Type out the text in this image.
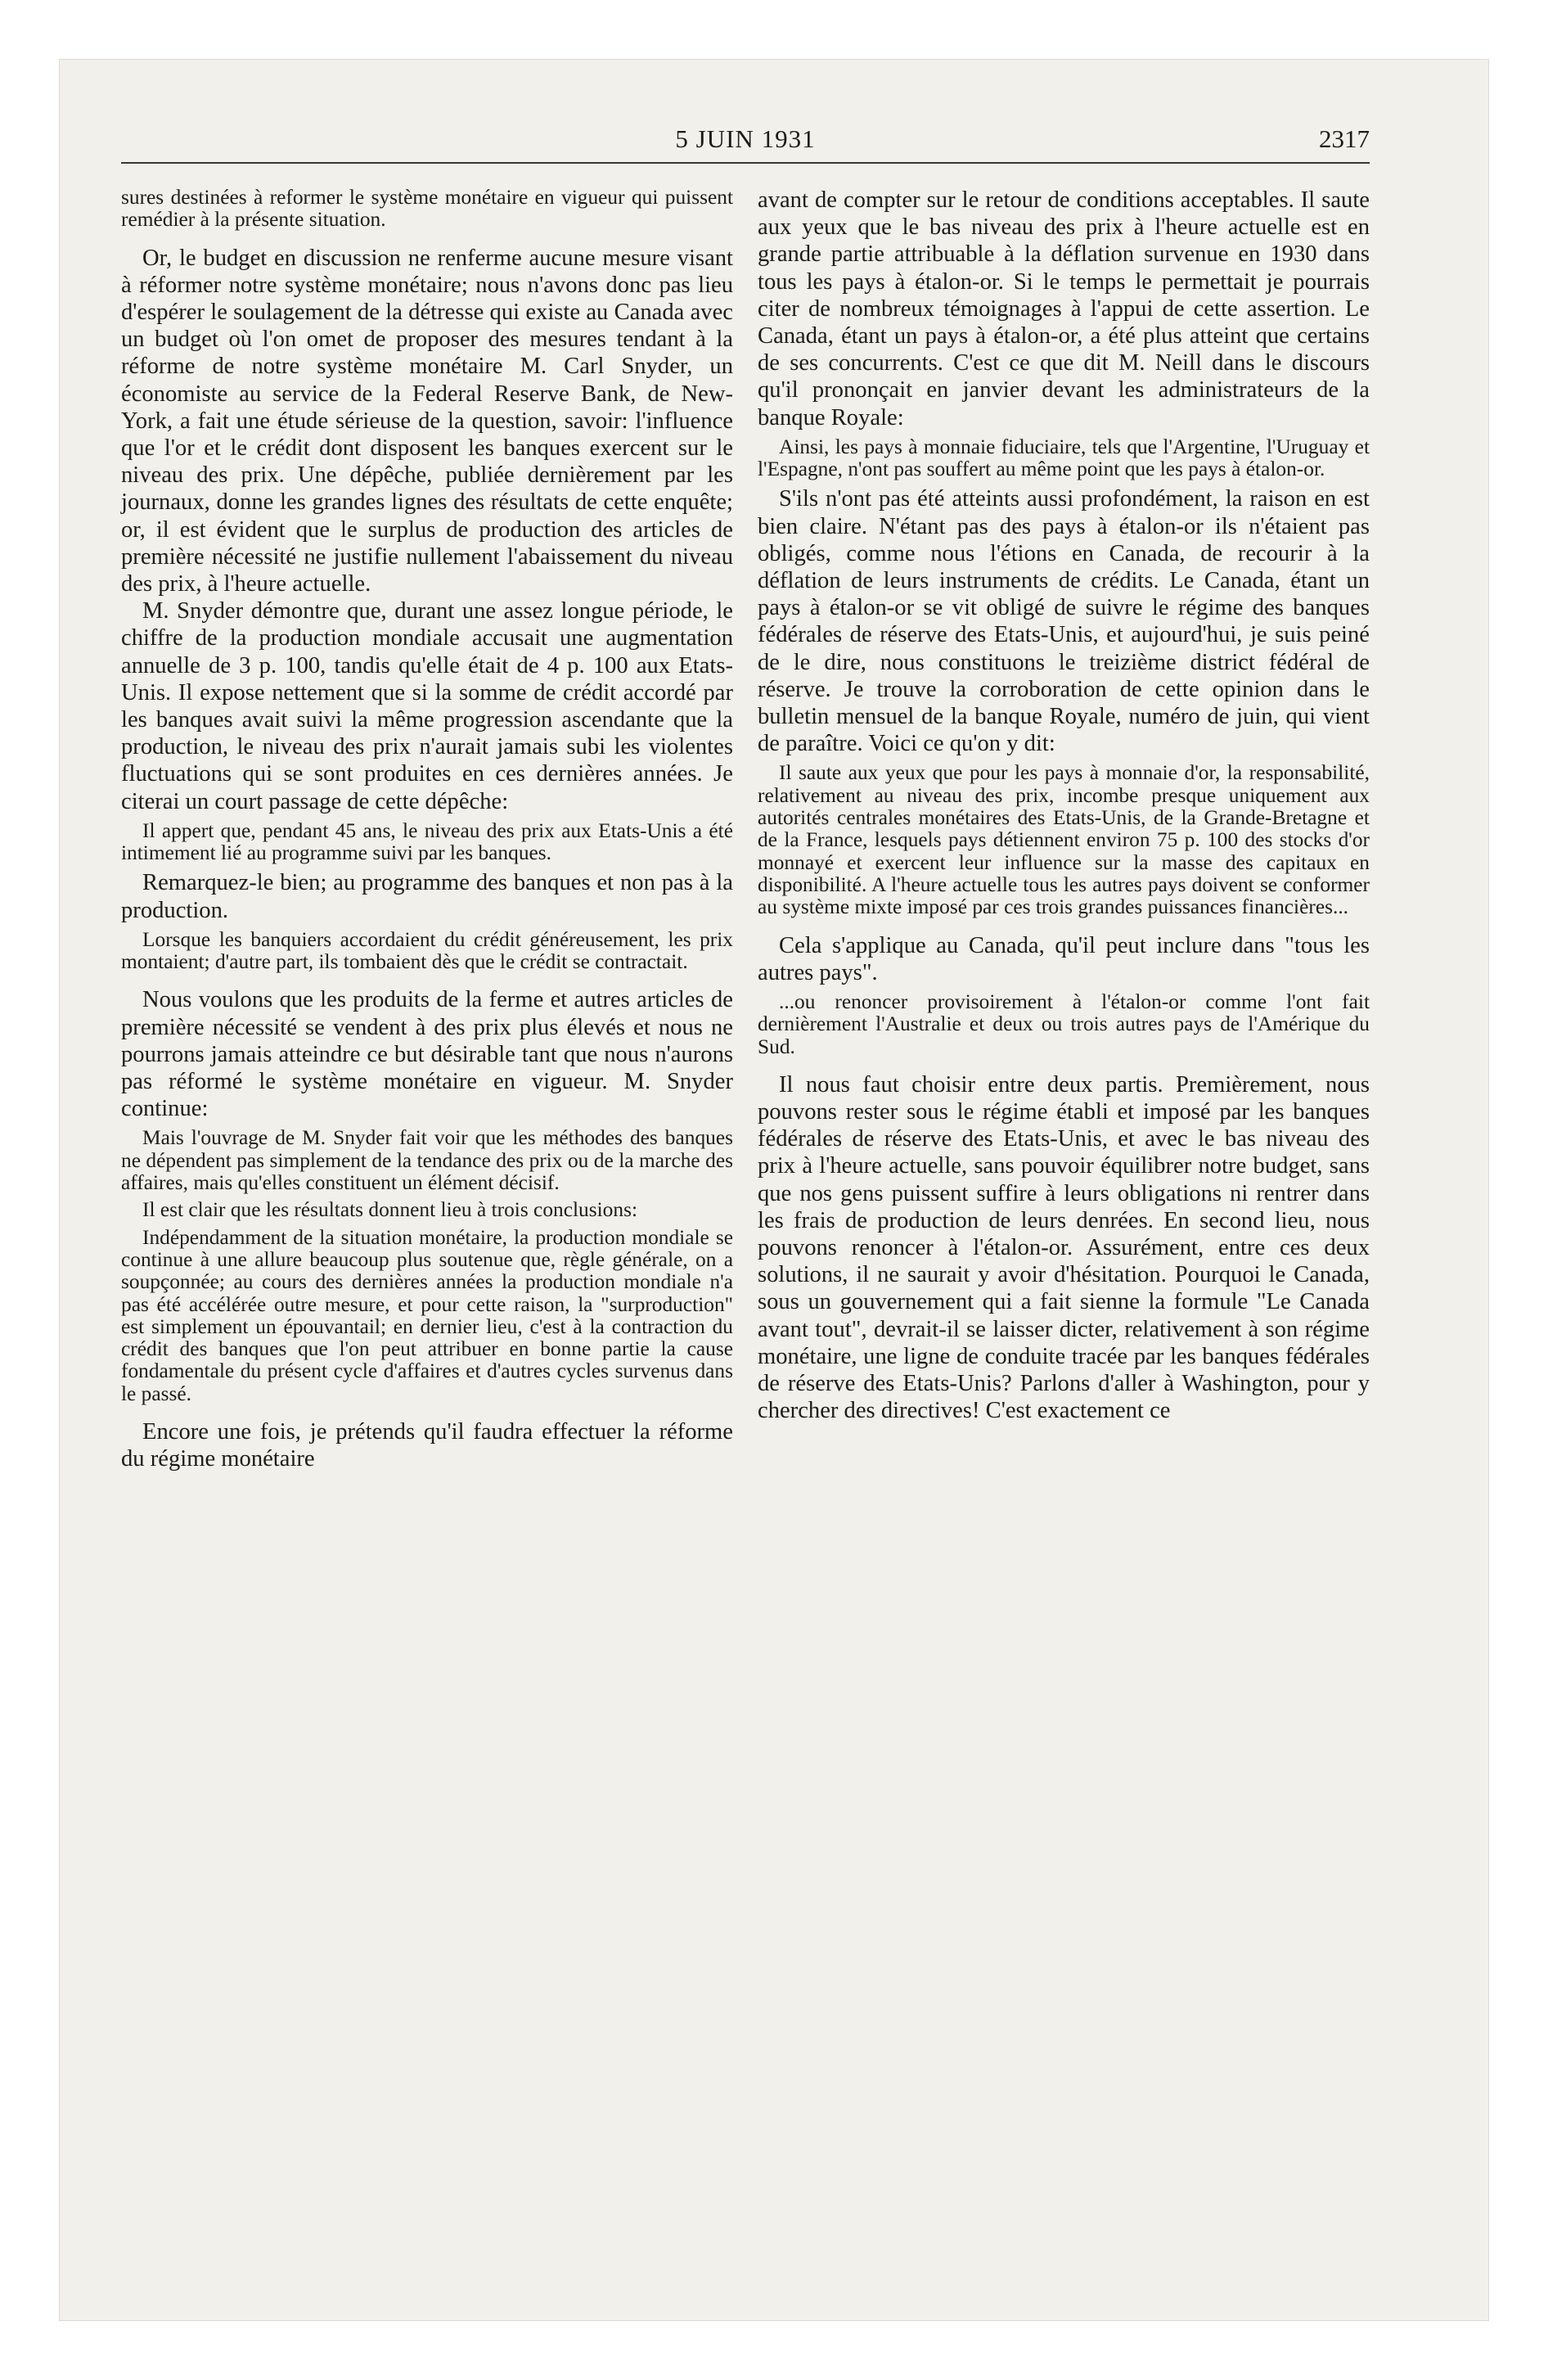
5 JUIN 1931	2317

sures destinées à reformer le système monétaire en vigueur qui puissent remédier à la présente situation.

Or, le budget en discussion ne renferme aucune mesure visant à réformer notre système monétaire; nous n'avons donc pas lieu d'espérer le soulagement de la détresse qui existe au Canada avec un budget où l'on omet de proposer des mesures tendant à la réforme de notre système monétaire M. Carl Snyder, un économiste au service de la Federal Reserve Bank, de New-York, a fait une étude sérieuse de la question, savoir: l'influence que l'or et le crédit dont disposent les banques exercent sur le niveau des prix. Une dépêche, publiée dernièrement par les journaux, donne les grandes lignes des résultats de cette enquête; or, il est évident que le surplus de production des articles de première nécessité ne justifie nullement l'abaissement du niveau des prix, à l'heure actuelle.

M. Snyder démontre que, durant une assez longue période, le chiffre de la production mondiale accusait une augmentation annuelle de 3 p. 100, tandis qu'elle était de 4 p. 100 aux Etats-Unis. Il expose nettement que si la somme de crédit accordé par les banques avait suivi la même progression ascendante que la production, le niveau des prix n'aurait jamais subi les violentes fluctuations qui se sont produites en ces dernières années. Je citerai un court passage de cette dépêche:

Il appert que, pendant 45 ans, le niveau des prix aux Etats-Unis a été intimement lié au programme suivi par les banques.

Remarquez-le bien; au programme des banques et non pas à la production.

Lorsque les banquiers accordaient du crédit généreusement, les prix montaient; d'autre part, ils tombaient dès que le crédit se contractait.

Nous voulons que les produits de la ferme et autres articles de première nécessité se vendent à des prix plus élevés et nous ne pourrons jamais atteindre ce but désirable tant que nous n'aurons pas réformé le système monétaire en vigueur. M. Snyder continue:

Mais l'ouvrage de M. Snyder fait voir que les méthodes des banques ne dépendent pas simplement de la tendance des prix ou de la marche des affaires, mais qu'elles constituent un élément décisif.

Il est clair que les résultats donnent lieu à trois conclusions:

Indépendamment de la situation monétaire, la production mondiale se continue à une allure beaucoup plus soutenue que, règle générale, on a soupçonnée; au cours des dernières années la production mondiale n'a pas été accélérée outre mesure, et pour cette raison, la "surproduction" est simplement un épouvantail; en dernier lieu, c'est à la contraction du crédit des banques que l'on peut attribuer en bonne partie la cause fondamentale du présent cycle d'affaires et d'autres cycles survenus dans le passé.

Encore une fois, je prétends qu'il faudra effectuer la réforme du régime monétaire

avant de compter sur le retour de conditions acceptables. Il saute aux yeux que le bas niveau des prix à l'heure actuelle est en grande partie attribuable à la déflation survenue en 1930 dans tous les pays à étalon-or. Si le temps le permettait je pourrais citer de nombreux témoignages à l'appui de cette assertion. Le Canada, étant un pays à étalon-or, a été plus atteint que certains de ses concurrents. C'est ce que dit M. Neill dans le discours qu'il prononçait en janvier devant les administrateurs de la banque Royale:

Ainsi, les pays à monnaie fiduciaire, tels que l'Argentine, l'Uruguay et l'Espagne, n'ont pas souffert au même point que les pays à étalon-or.

S'ils n'ont pas été atteints aussi profondément, la raison en est bien claire. N'étant pas des pays à étalon-or ils n'étaient pas obligés, comme nous l'étions en Canada, de recourir à la déflation de leurs instruments de crédits. Le Canada, étant un pays à étalon-or se vit obligé de suivre le régime des banques fédérales de réserve des Etats-Unis, et aujourd'hui, je suis peiné de le dire, nous constituons le treizième district fédéral de réserve. Je trouve la corroboration de cette opinion dans le bulletin mensuel de la banque Royale, numéro de juin, qui vient de paraître. Voici ce qu'on y dit:

Il saute aux yeux que pour les pays à monnaie d'or, la responsabilité, relativement au niveau des prix, incombe presque uniquement aux autorités centrales monétaires des Etats-Unis, de la Grande-Bretagne et de la France, lesquels pays détiennent environ 75 p. 100 des stocks d'or monnayé et exercent leur influence sur la masse des capitaux en disponibilité. A l'heure actuelle tous les autres pays doivent se conformer au système mixte imposé par ces trois grandes puissances financières...

Cela s'applique au Canada, qu'il peut inclure dans "tous les autres pays".

...ou renoncer provisoirement à l'étalon-or comme l'ont fait dernièrement l'Australie et deux ou trois autres pays de l'Amérique du Sud.

Il nous faut choisir entre deux partis. Premièrement, nous pouvons rester sous le régime établi et imposé par les banques fédérales de réserve des Etats-Unis, et avec le bas niveau des prix à l'heure actuelle, sans pouvoir équilibrer notre budget, sans que nos gens puissent suffire à leurs obligations ni rentrer dans les frais de production de leurs denrées. En second lieu, nous pouvons renoncer à l'étalon-or. Assurément, entre ces deux solutions, il ne saurait y avoir d'hésitation. Pourquoi le Canada, sous un gouvernement qui a fait sienne la formule "Le Canada avant tout", devrait-il se laisser dicter, relativement à son régime monétaire, une ligne de conduite tracée par les banques fédérales de réserve des Etats-Unis? Parlons d'aller à Washington, pour y chercher des directives! C'est exactement ce
